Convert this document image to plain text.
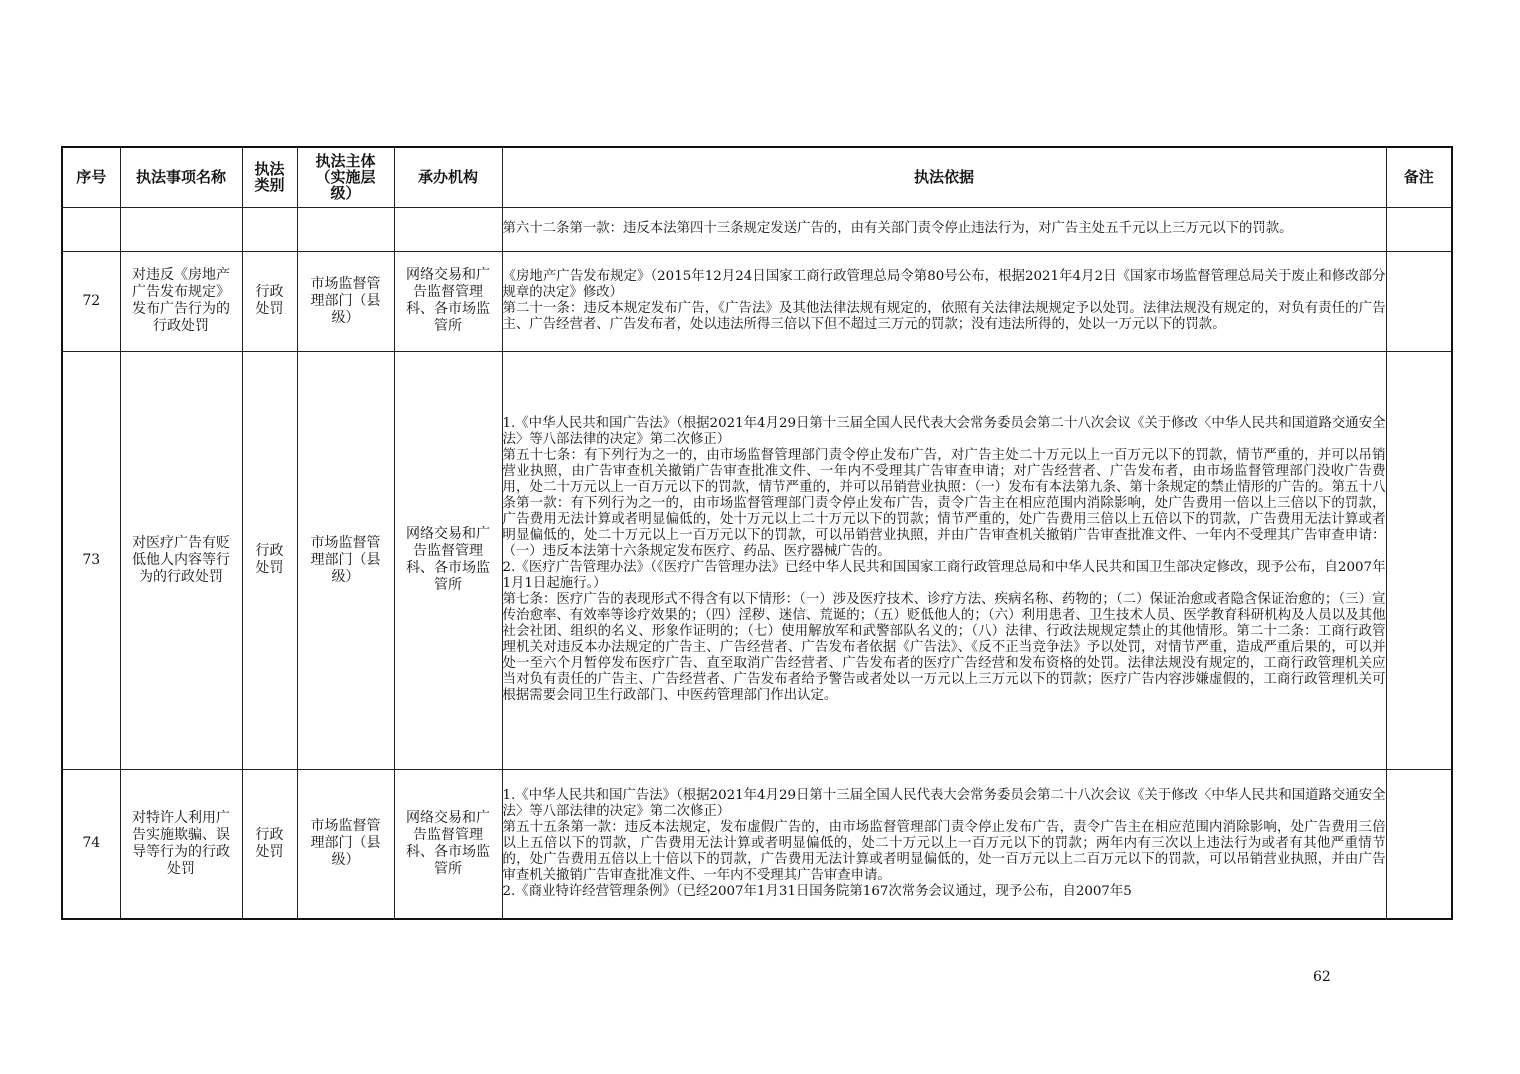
序号	执法事项名称	执法类别	执法主体（实施层级）	承办机构	执法依据	备注

					第六十二条第一款：违反本法第四十三条规定发送广告的，由有关部门责令停止违法行为，对广告主处五千元以上三万元以下的罚款。	

72	对违反《房地产广告发布规定》发布广告行为的行政处罚	行政处罚	市场监督管理部门（县级）	网络交易和广告监督管理科、各市场监管所	《房地产广告发布规定》（2015年12月24日国家工商行政管理总局令第80号公布，根据2021年4月2日《国家市场监督管理总局关于废止和修改部分规章的决定》修改）
第二十一条：违反本规定发布广告，《广告法》及其他法律法规有规定的，依照有关法律法规规定予以处罚。法律法规没有规定的，对负有责任的广告主、广告经营者、广告发布者，处以违法所得三倍以下但不超过三万元的罚款；没有违法所得的，处以一万元以下的罚款。	

73	对医疗广告有贬低他人内容等行为的行政处罚	行政处罚	市场监督管理部门（县级）	网络交易和广告监督管理科、各市场监管所	1.《中华人民共和国广告法》（根据2021年4月29日第十三届全国人民代表大会常务委员会第二十八次会议《关于修改〈中华人民共和国道路交通安全法〉等八部法律的决定》第二次修正）
第五十七条：有下列行为之一的，由市场监督管理部门责令停止发布广告，对广告主处二十万元以上一百万元以下的罚款，情节严重的，并可以吊销营业执照，由广告审查机关撤销广告审查批准文件、一年内不受理其广告审查申请；对广告经营者、广告发布者，由市场监督管理部门没收广告费用，处二十万元以上一百万元以下的罚款，情节严重的，并可以吊销营业执照：（一）发布有本法第九条、第十条规定的禁止情形的广告的。第五十八条第一款：有下列行为之一的，由市场监督管理部门责令停止发布广告，责令广告主在相应范围内消除影响，处广告费用一倍以上三倍以下的罚款，广告费用无法计算或者明显偏低的，处十万元以上二十万元以下的罚款；情节严重的，处广告费用三倍以上五倍以下的罚款，广告费用无法计算或者明显偏低的，处二十万元以上一百万元以下的罚款，可以吊销营业执照，并由广告审查机关撤销广告审查批准文件、一年内不受理其广告审查申请：（一）违反本法第十六条规定发布医疗、药品、医疗器械广告的。
2.《医疗广告管理办法》（《医疗广告管理办法》已经中华人民共和国国家工商行政管理总局和中华人民共和国卫生部决定修改，现予公布，自2007年1月1日起施行。）
第七条：医疗广告的表现形式不得含有以下情形：（一）涉及医疗技术、诊疗方法、疾病名称、药物的；（二）保证治愈或者隐含保证治愈的；（三）宣传治愈率、有效率等诊疗效果的；（四）淫秽、迷信、荒诞的；（五）贬低他人的；（六）利用患者、卫生技术人员、医学教育科研机构及人员以及其他社会社团、组织的名义、形象作证明的；（七）使用解放军和武警部队名义的；（八）法律、行政法规规定禁止的其他情形。第二十二条：工商行政管理机关对违反本办法规定的广告主、广告经营者、广告发布者依据《广告法》、《反不正当竞争法》予以处罚，对情节严重，造成严重后果的，可以并处一至六个月暂停发布医疗广告、直至取消广告经营者、广告发布者的医疗广告经营和发布资格的处罚。法律法规没有规定的，工商行政管理机关应当对负有责任的广告主、广告经营者、广告发布者给予警告或者处以一万元以上三万元以下的罚款；医疗广告内容涉嫌虚假的，工商行政管理机关可根据需要会同卫生行政部门、中医药管理部门作出认定。	

74	对特许人利用广告实施欺骗、误导等行为的行政处罚	行政处罚	市场监督管理部门（县级）	网络交易和广告监督管理科、各市场监管所	1.《中华人民共和国广告法》（根据2021年4月29日第十三届全国人民代表大会常务委员会第二十八次会议《关于修改〈中华人民共和国道路交通安全法〉等八部法律的决定》第二次修正）
第五十五条第一款：违反本法规定，发布虚假广告的，由市场监督管理部门责令停止发布广告，责令广告主在相应范围内消除影响，处广告费用三倍以上五倍以下的罚款，广告费用无法计算或者明显偏低的，处二十万元以上一百万元以下的罚款；两年内有三次以上违法行为或者有其他严重情节的，处广告费用五倍以上十倍以下的罚款，广告费用无法计算或者明显偏低的，处一百万元以上二百万元以下的罚款，可以吊销营业执照，并由广告审查机关撤销广告审查批准文件、一年内不受理其广告审查申请。
2.《商业特许经营管理条例》（已经2007年1月31日国务院第167次常务会议通过，现予公布，自2007年5	

62
